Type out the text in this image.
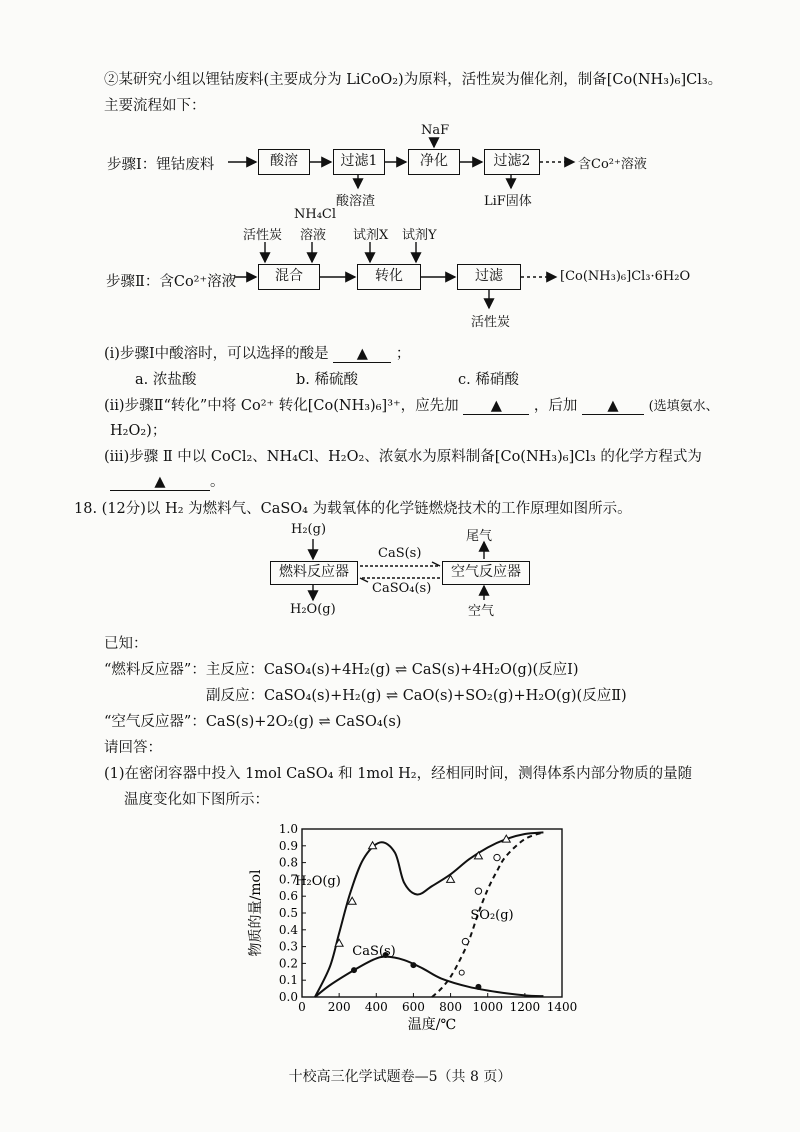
②某研究小组以锂钴废料(主要成分为 LiCoO₂)为原料，活性炭为催化剂，制备[Co(NH₃)₆]Cl₃。
主要流程如下：
步骤Ⅰ：锂钴废料	酸溶	过滤1	净化	过滤2
NaF
酸溶渣	LiF固体
含Co²⁺溶液
步骤Ⅱ：含Co²⁺溶液	混合	转化	过滤
活性炭
NH₄Cl
溶液 试剂X 试剂Y
活性炭
[Co(NH₃)₆]Cl₃·6H₂O
(ⅰ)步骤Ⅰ中酸溶时，可以选择的酸是 ▲ ；
a. 浓盐酸	b. 稀硫酸	c. 稀硝酸
(ⅱ)步骤Ⅱ“转化”中将 Co²⁺ 转化[Co(NH₃)₆]³⁺，应先加 ▲ ，后加 ▲ (选填氨水、
H₂O₂)；
(ⅲ)步骤 Ⅱ 中以 CoCl₂、NH₄Cl、H₂O₂、浓氨水为原料制备[Co(NH₃)₆]Cl₃ 的化学方程式为
▲	。
18. (12分)以 H₂ 为燃料气、CaSO₄ 为载氧体的化学链燃烧技术的工作原理如图所示。
H₂(g)
燃料反应器	空气反应器
CaS(s)
CaSO₄(s)
H₂O(g)
尾气
空气
已知：
“燃料反应器”：主反应：CaSO₄(s)+4H₂(g) ⇌ CaS(s)+4H₂O(g)(反应Ⅰ)
副反应：CaSO₄(s)+H₂(g) ⇌ CaO(s)+SO₂(g)+H₂O(g)(反应Ⅱ)
“空气反应器”：CaS(s)+2O₂(g) ⇌ CaSO₄(s)
请回答：
(1)在密闭容器中投入 1mol CaSO₄ 和 1mol H₂，经相同时间，测得体系内部分物质的量随
温度变化如下图所示：
0 200 400 600 800 1000 1200 1400
0.0
0.1
0.2
0.3
0.4
0.5
0.6
0.7
0.8
0.9
1.0
温度/℃
物质的量/mol H₂O(g)
CaS(s)
SO₂(g)
十校高三化学试题卷—5（共 8 页）
